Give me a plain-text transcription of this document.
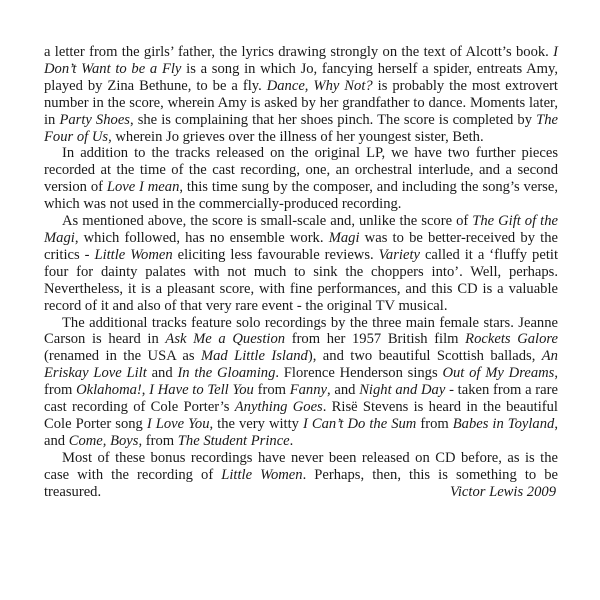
a letter from the girls’ father, the lyrics drawing strongly on the text of Alcott’s book. I Don’t Want to be a Fly is a song in which Jo, fancying herself a spider, entreats Amy, played by Zina Bethune, to be a fly. Dance, Why Not? is probably the most extrovert number in the score, wherein Amy is asked by her grandfather to dance. Moments later, in Party Shoes, she is complaining that her shoes pinch. The score is completed by The Four of Us, wherein Jo grieves over the illness of her youngest sister, Beth.

In addition to the tracks released on the original LP, we have two further pieces recorded at the time of the cast recording, one, an orchestral interlude, and a second version of Love I mean, this time sung by the composer, and including the song’s verse, which was not used in the commercially-produced recording.

As mentioned above, the score is small-scale and, unlike the score of The Gift of the Magi, which followed, has no ensemble work. Magi was to be better-received by the critics - Little Women eliciting less favourable reviews. Variety called it a ‘fluffy petit four for dainty palates with not much to sink the choppers into’. Well, perhaps. Nevertheless, it is a pleasant score, with fine performances, and this CD is a valuable record of it and also of that very rare event - the original TV musical.

The additional tracks feature solo recordings by the three main female stars. Jeanne Carson is heard in Ask Me a Question from her 1957 British film Rockets Galore (renamed in the USA as Mad Little Island), and two beautiful Scottish ballads, An Eriskay Love Lilt and In the Gloaming. Florence Henderson sings Out of My Dreams, from Oklahoma!, I Have to Tell You from Fanny, and Night and Day - taken from a rare cast recording of Cole Porter’s Anything Goes. Risë Stevens is heard in the beautiful Cole Porter song I Love You, the very witty I Can’t Do the Sum from Babes in Toyland, and Come, Boys, from The Student Prince.

Most of these bonus recordings have never been released on CD before, as is the case with the recording of Little Women. Perhaps, then, this is something to be treasured.	Victor Lewis 2009
